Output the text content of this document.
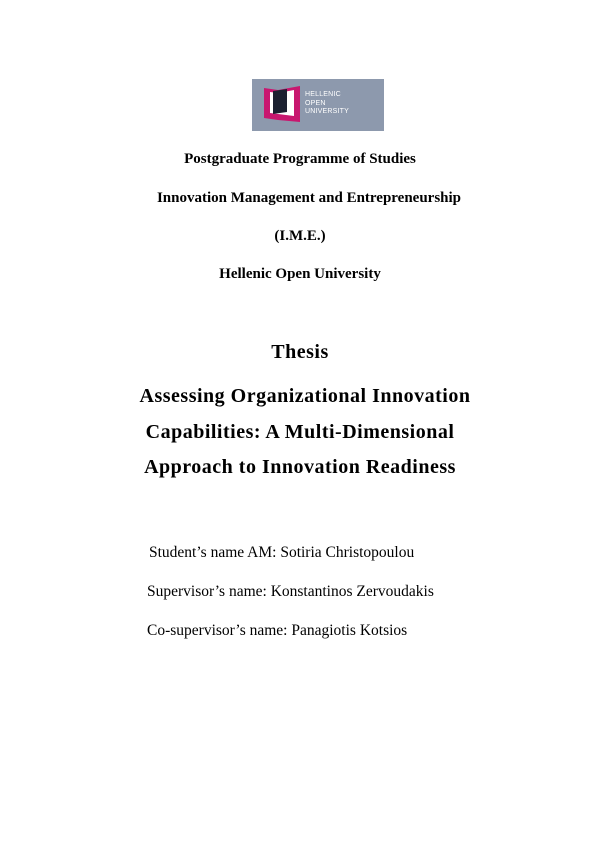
HELLENIC
OPEN
UNIVERSITY
Postgraduate Programme of Studies
Innovation Management and Entrepreneurship
(I.M.E.)
Hellenic Open University
Thesis
Assessing Organizational Innovation
Capabilities: A Multi-Dimensional
Approach to Innovation Readiness
Student’s name AM: Sotiria Christopoulou
Supervisor’s name: Konstantinos Zervoudakis
Co-supervisor’s name: Panagiotis Kotsios
